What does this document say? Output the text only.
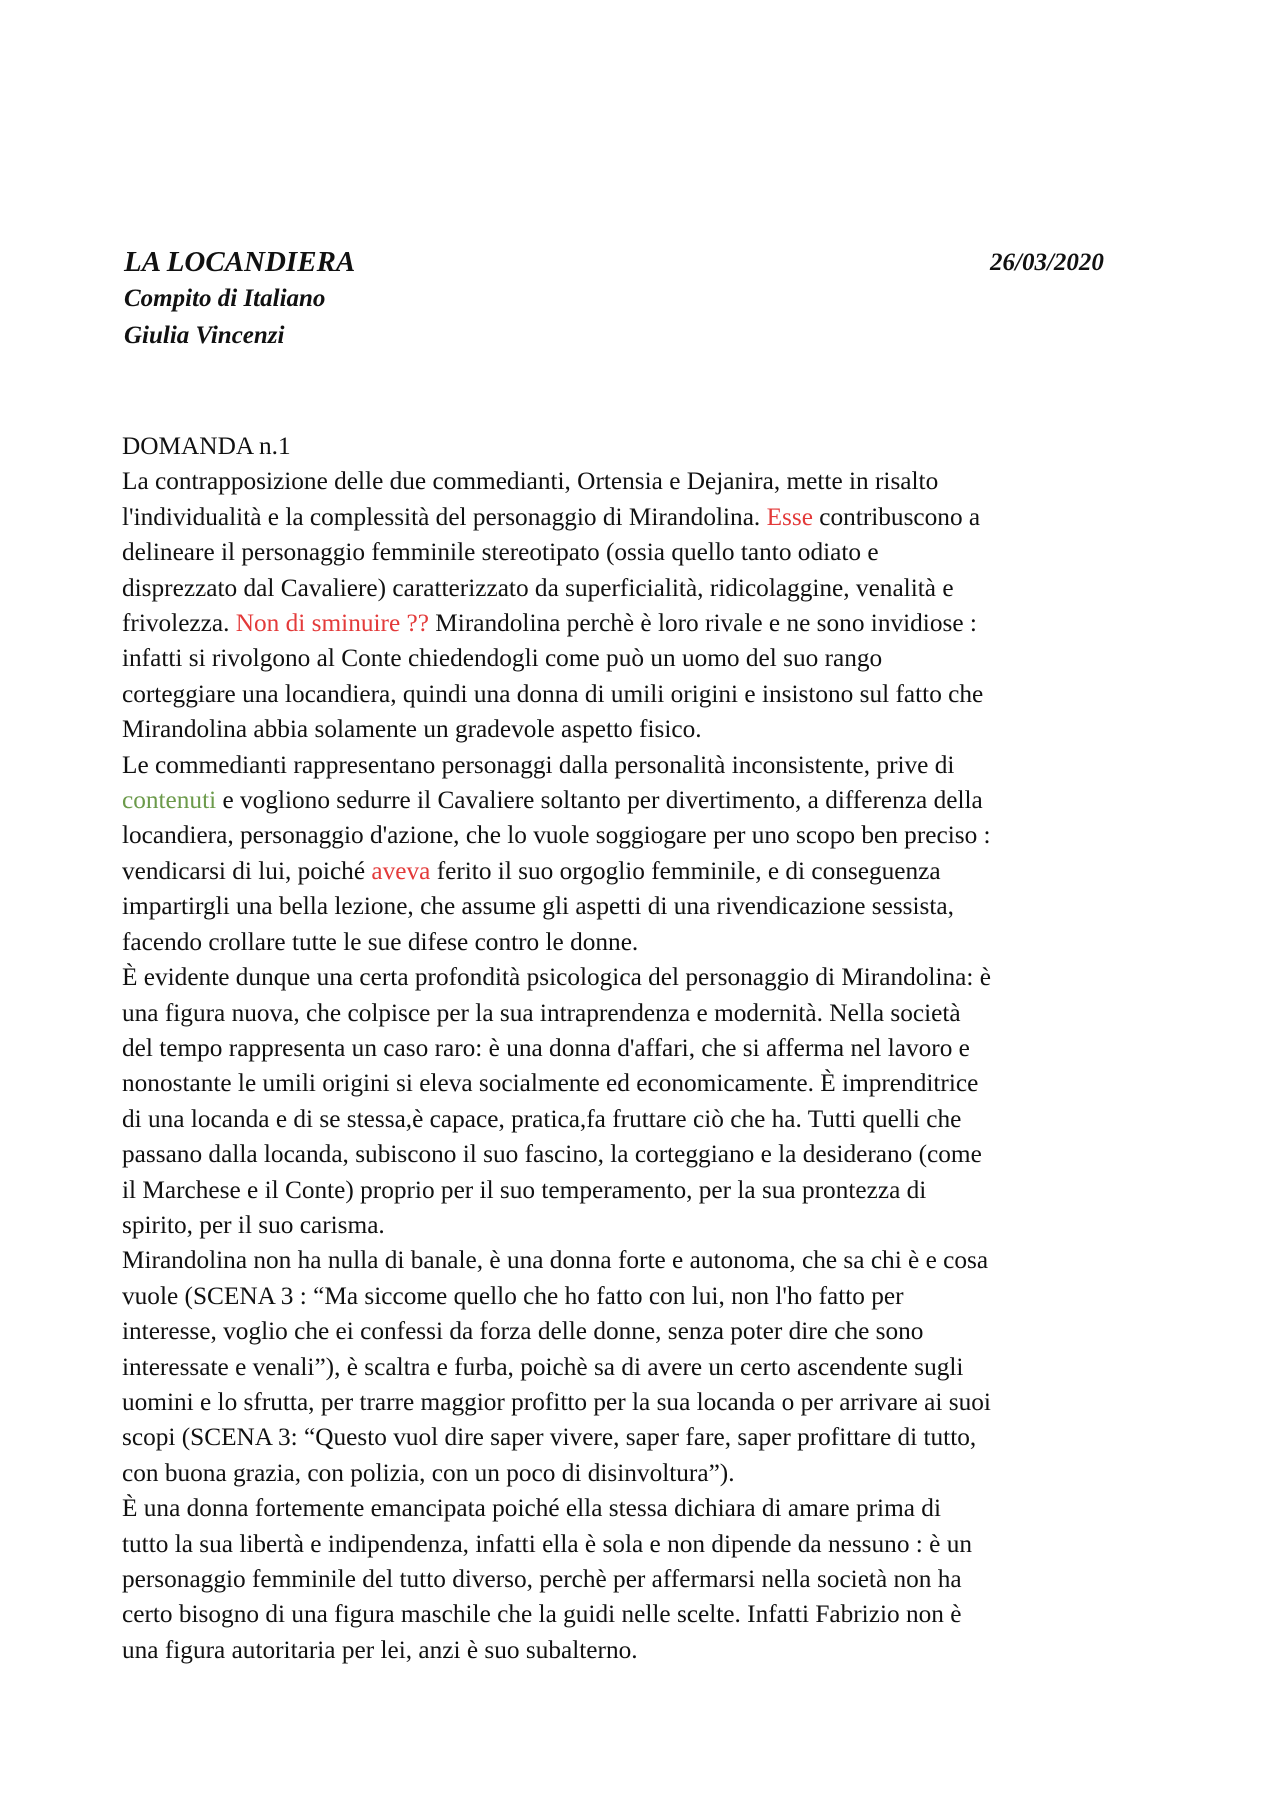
LA LOCANDIERA	26/03/2020
Compito di Italiano
Giulia Vincenzi
DOMANDA n.1
La contrapposizione delle due commedianti, Ortensia e Dejanira, mette in risalto
l'individualità e la complessità del personaggio di Mirandolina. Esse contribuscono a
delineare il personaggio femminile stereotipato (ossia quello tanto odiato e
disprezzato dal Cavaliere) caratterizzato da superficialità, ridicolaggine, venalità e
frivolezza. Non di sminuire ?? Mirandolina perchè è loro rivale e ne sono invidiose :
infatti si rivolgono al Conte chiedendogli come può un uomo del suo rango
corteggiare una locandiera, quindi una donna di umili origini e insistono sul fatto che
Mirandolina abbia solamente un gradevole aspetto fisico.
Le commedianti rappresentano personaggi dalla personalità inconsistente, prive di
contenuti e vogliono sedurre il Cavaliere soltanto per divertimento, a differenza della
locandiera, personaggio d'azione, che lo vuole soggiogare per uno scopo ben preciso :
vendicarsi di lui, poiché aveva ferito il suo orgoglio femminile, e di conseguenza
impartirgli una bella lezione, che assume gli aspetti di una rivendicazione sessista,
facendo crollare tutte le sue difese contro le donne.
È evidente dunque una certa profondità psicologica del personaggio di Mirandolina: è
una figura nuova, che colpisce per la sua intraprendenza e modernità. Nella società
del tempo rappresenta un caso raro: è una donna d'affari, che si afferma nel lavoro e
nonostante le umili origini si eleva socialmente ed economicamente. È imprenditrice
di una locanda e di se stessa,è capace, pratica,fa fruttare ciò che ha. Tutti quelli che
passano dalla locanda, subiscono il suo fascino, la corteggiano e la desiderano (come
il Marchese e il Conte) proprio per il suo temperamento, per la sua prontezza di
spirito, per il suo carisma.
Mirandolina non ha nulla di banale, è una donna forte e autonoma, che sa chi è e cosa
vuole (SCENA 3 : “Ma siccome quello che ho fatto con lui, non l'ho fatto per
interesse, voglio che ei confessi da forza delle donne, senza poter dire che sono
interessate e venali”), è scaltra e furba, poichè sa di avere un certo ascendente sugli
uomini e lo sfrutta, per trarre maggior profitto per la sua locanda o per arrivare ai suoi
scopi (SCENA 3: “Questo vuol dire saper vivere, saper fare, saper profittare di tutto,
con buona grazia, con polizia, con un poco di disinvoltura”).
È una donna fortemente emancipata poiché ella stessa dichiara di amare prima di
tutto la sua libertà e indipendenza, infatti ella è sola e non dipende da nessuno : è un
personaggio femminile del tutto diverso, perchè per affermarsi nella società non ha
certo bisogno di una figura maschile che la guidi nelle scelte. Infatti Fabrizio non è
una figura autoritaria per lei, anzi è suo subalterno.
